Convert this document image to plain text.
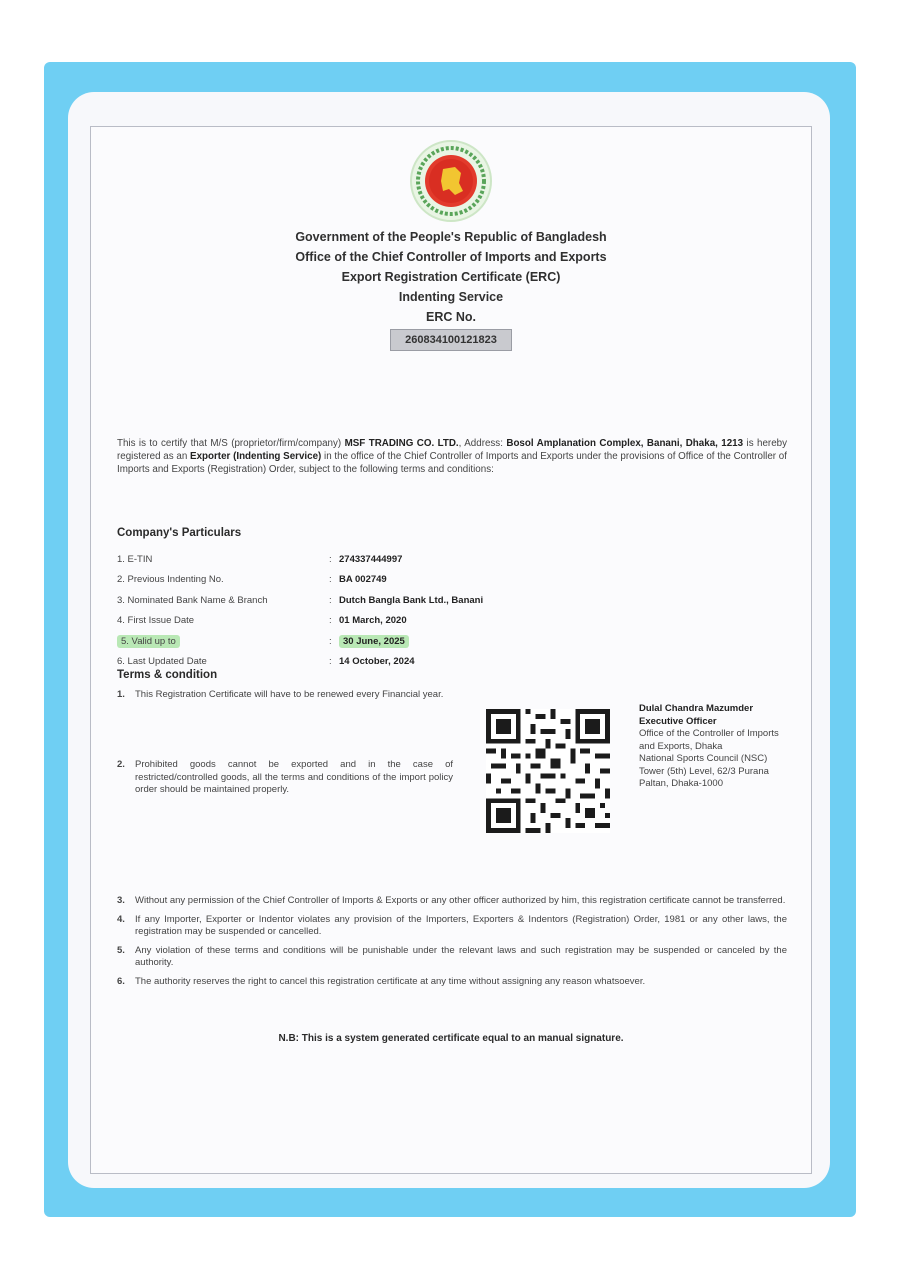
Government of the People's Republic of Bangladesh
Office of the Chief Controller of Imports and Exports
Export Registration Certificate (ERC)
Indenting Service
ERC No.
260834100121823
This is to certify that M/S (proprietor/firm/company) MSF TRADING CO. LTD., Address: Bosol Amplanation Complex, Banani, Dhaka, 1213 is hereby registered as an Exporter (Indenting Service) in the office of the Chief Controller of Imports and Exports under the provisions of Office of the Controller of Imports and Exports (Registration) Order, subject to the following terms and conditions:
Company's Particulars
1. E-TIN	: 274337444997
2. Previous Indenting No.	: BA 002749
3. Nominated Bank Name & Branch	: Dutch Bangla Bank Ltd., Banani
4. First Issue Date	: 01 March, 2020
5. Valid up to	:	30 June, 2025
6. Last Updated Date	: 14 October, 2024
Terms & condition
1.	This Registration Certificate will have to be renewed every Financial year.
2.	Prohibited goods cannot be exported and in the case of restricted/controlled goods, all the terms and conditions of the import policy order should be maintained properly.
Dulal Chandra Mazumder
Executive Officer
Office of the Controller of Imports and Exports, Dhaka
National Sports Council (NSC) Tower (5th) Level, 62/3 Purana Paltan, Dhaka-1000
3.	Without any permission of the Chief Controller of Imports & Exports or any other officer authorized by him, this registration certificate cannot be transferred.
4.	If any Importer, Exporter or Indentor violates any provision of the Importers, Exporters & Indentors (Registration) Order, 1981 or any other laws, the registration may be suspended or cancelled.
5.	Any violation of these terms and conditions will be punishable under the relevant laws and such registration may be suspended or canceled by the authority.
6.	The authority reserves the right to cancel this registration certificate at any time without assigning any reason whatsoever.
N.B: This is a system generated certificate equal to an manual signature.
